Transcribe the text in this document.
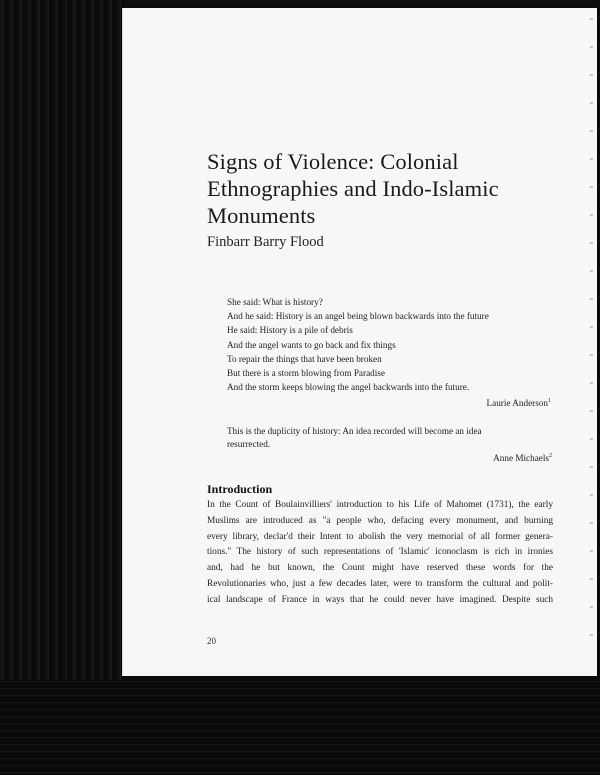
Signs of Violence: Colonial
Ethnographies and Indo-Islamic
Monuments
Finbarr Barry Flood
She said: What is history?
And he said: History is an angel being blown backwards into the future
He said: History is a pile of debris
And the angel wants to go back and fix things
To repair the things that have been broken
But there is a storm blowing from Paradise
And the storm keeps blowing the angel backwards into the future.
Laurie Anderson$^1$
This is the duplicity of history: An idea recorded will become an idea
resurrected.
Anne Michaels$^2$
Introduction
In the Count of Boulainvilliers' introduction to his Life of Mahomet (1731), the early
Muslims are introduced as "a people who, defacing every monument, and burning
every library, declar'd their Intent to abolish the very memorial of all former genera-
tions." The history of such representations of 'Islamic' iconoclasm is rich in ironies
and, had he but known, the Count might have reserved these words for the
Revolutionaries who, just a few decades later, were to transform the cultural and polit-
ical landscape of France in ways that he could never have imagined. Despite such
20
